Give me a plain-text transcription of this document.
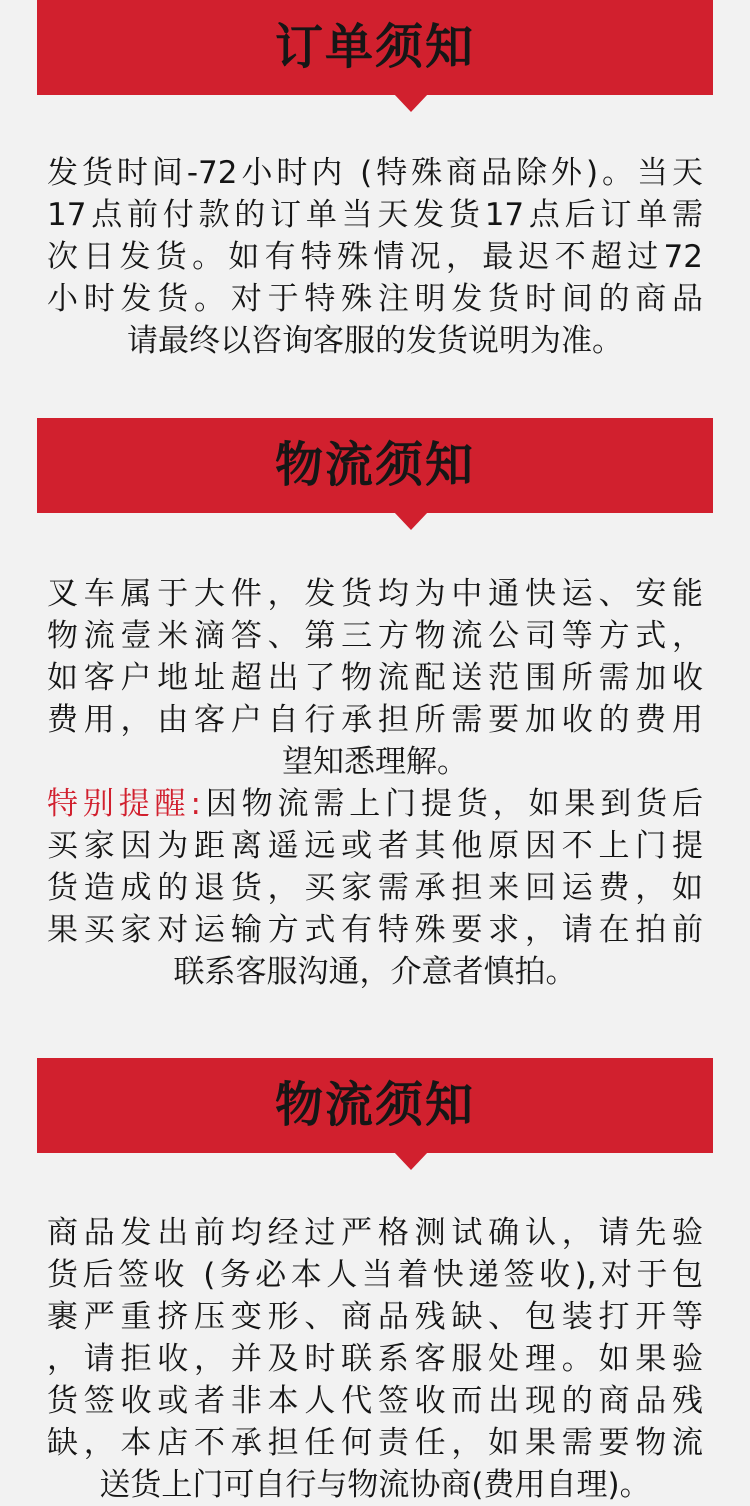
订单须知
发货时间-72小时内 (特殊商品除外)。当天
17点前付款的订单当天发货17点后订单需
次日发货。如有特殊情况，最迟不超过72
小时发货。对于特殊注明发货时间的商品
请最终以咨询客服的发货说明为准。
物流须知
叉车属于大件，发货均为中通快运、安能
物流壹米滴答、第三方物流公司等方式，
如客户地址超出了物流配送范围所需加收
费用，由客户自行承担所需要加收的费用
望知悉理解。
特别提醒:因物流需上门提货，如果到货后
买家因为距离遥远或者其他原因不上门提
货造成的退货，买家需承担来回运费，如
果买家对运输方式有特殊要求，请在拍前
联系客服沟通，介意者慎拍。
物流须知
商品发出前均经过严格测试确认，请先验
货后签收 (务必本人当着快递签收),对于包
裹严重挤压变形、商品残缺、包装打开等
，请拒收，并及时联系客服处理。如果验
货签收或者非本人代签收而出现的商品残
缺，本店不承担任何责任，如果需要物流
送货上门可自行与物流协商(费用自理)。
